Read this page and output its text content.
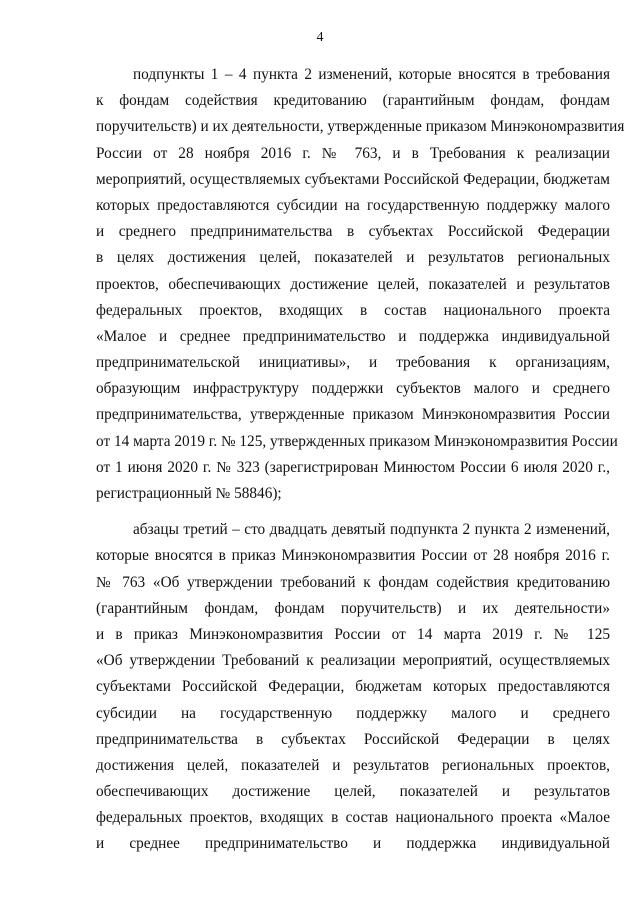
4
подпункты 1 – 4 пункта 2 изменений, которые вносятся в требования
к фондам содействия кредитованию (гарантийным фондам, фондам
поручительств) и их деятельности, утвержденные приказом Минэкономразвития
России от 28 ноября 2016 г. № 763, и в Требования к реализации
мероприятий, осуществляемых субъектами Российской Федерации, бюджетам
которых предоставляются субсидии на государственную поддержку малого
и среднего предпринимательства в субъектах Российской Федерации
в целях достижения целей, показателей и результатов региональных
проектов, обеспечивающих достижение целей, показателей и результатов
федеральных проектов, входящих в состав национального проекта
«Малое и среднее предпринимательство и поддержка индивидуальной
предпринимательской инициативы», и требования к организациям,
образующим инфраструктуру поддержки субъектов малого и среднего
предпринимательства, утвержденные приказом Минэкономразвития России
от 14 марта 2019 г. № 125, утвержденных приказом Минэкономразвития России
от 1 июня 2020 г. № 323 (зарегистрирован Минюстом России 6 июля 2020 г.,
регистрационный № 58846);
абзацы третий – сто двадцать девятый подпункта 2 пункта 2 изменений,
которые вносятся в приказ Минэкономразвития России от 28 ноября 2016 г.
№ 763 «Об утверждении требований к фондам содействия кредитованию
(гарантийным фондам, фондам поручительств) и их деятельности»
и в приказ Минэкономразвития России от 14 марта 2019 г. № 125
«Об утверждении Требований к реализации мероприятий, осуществляемых
субъектами Российской Федерации, бюджетам которых предоставляются
субсидии на государственную поддержку малого и среднего
предпринимательства в субъектах Российской Федерации в целях
достижения целей, показателей и результатов региональных проектов,
обеспечивающих достижение целей, показателей и результатов
федеральных проектов, входящих в состав национального проекта «Малое
и среднее предпринимательство и поддержка индивидуальной
